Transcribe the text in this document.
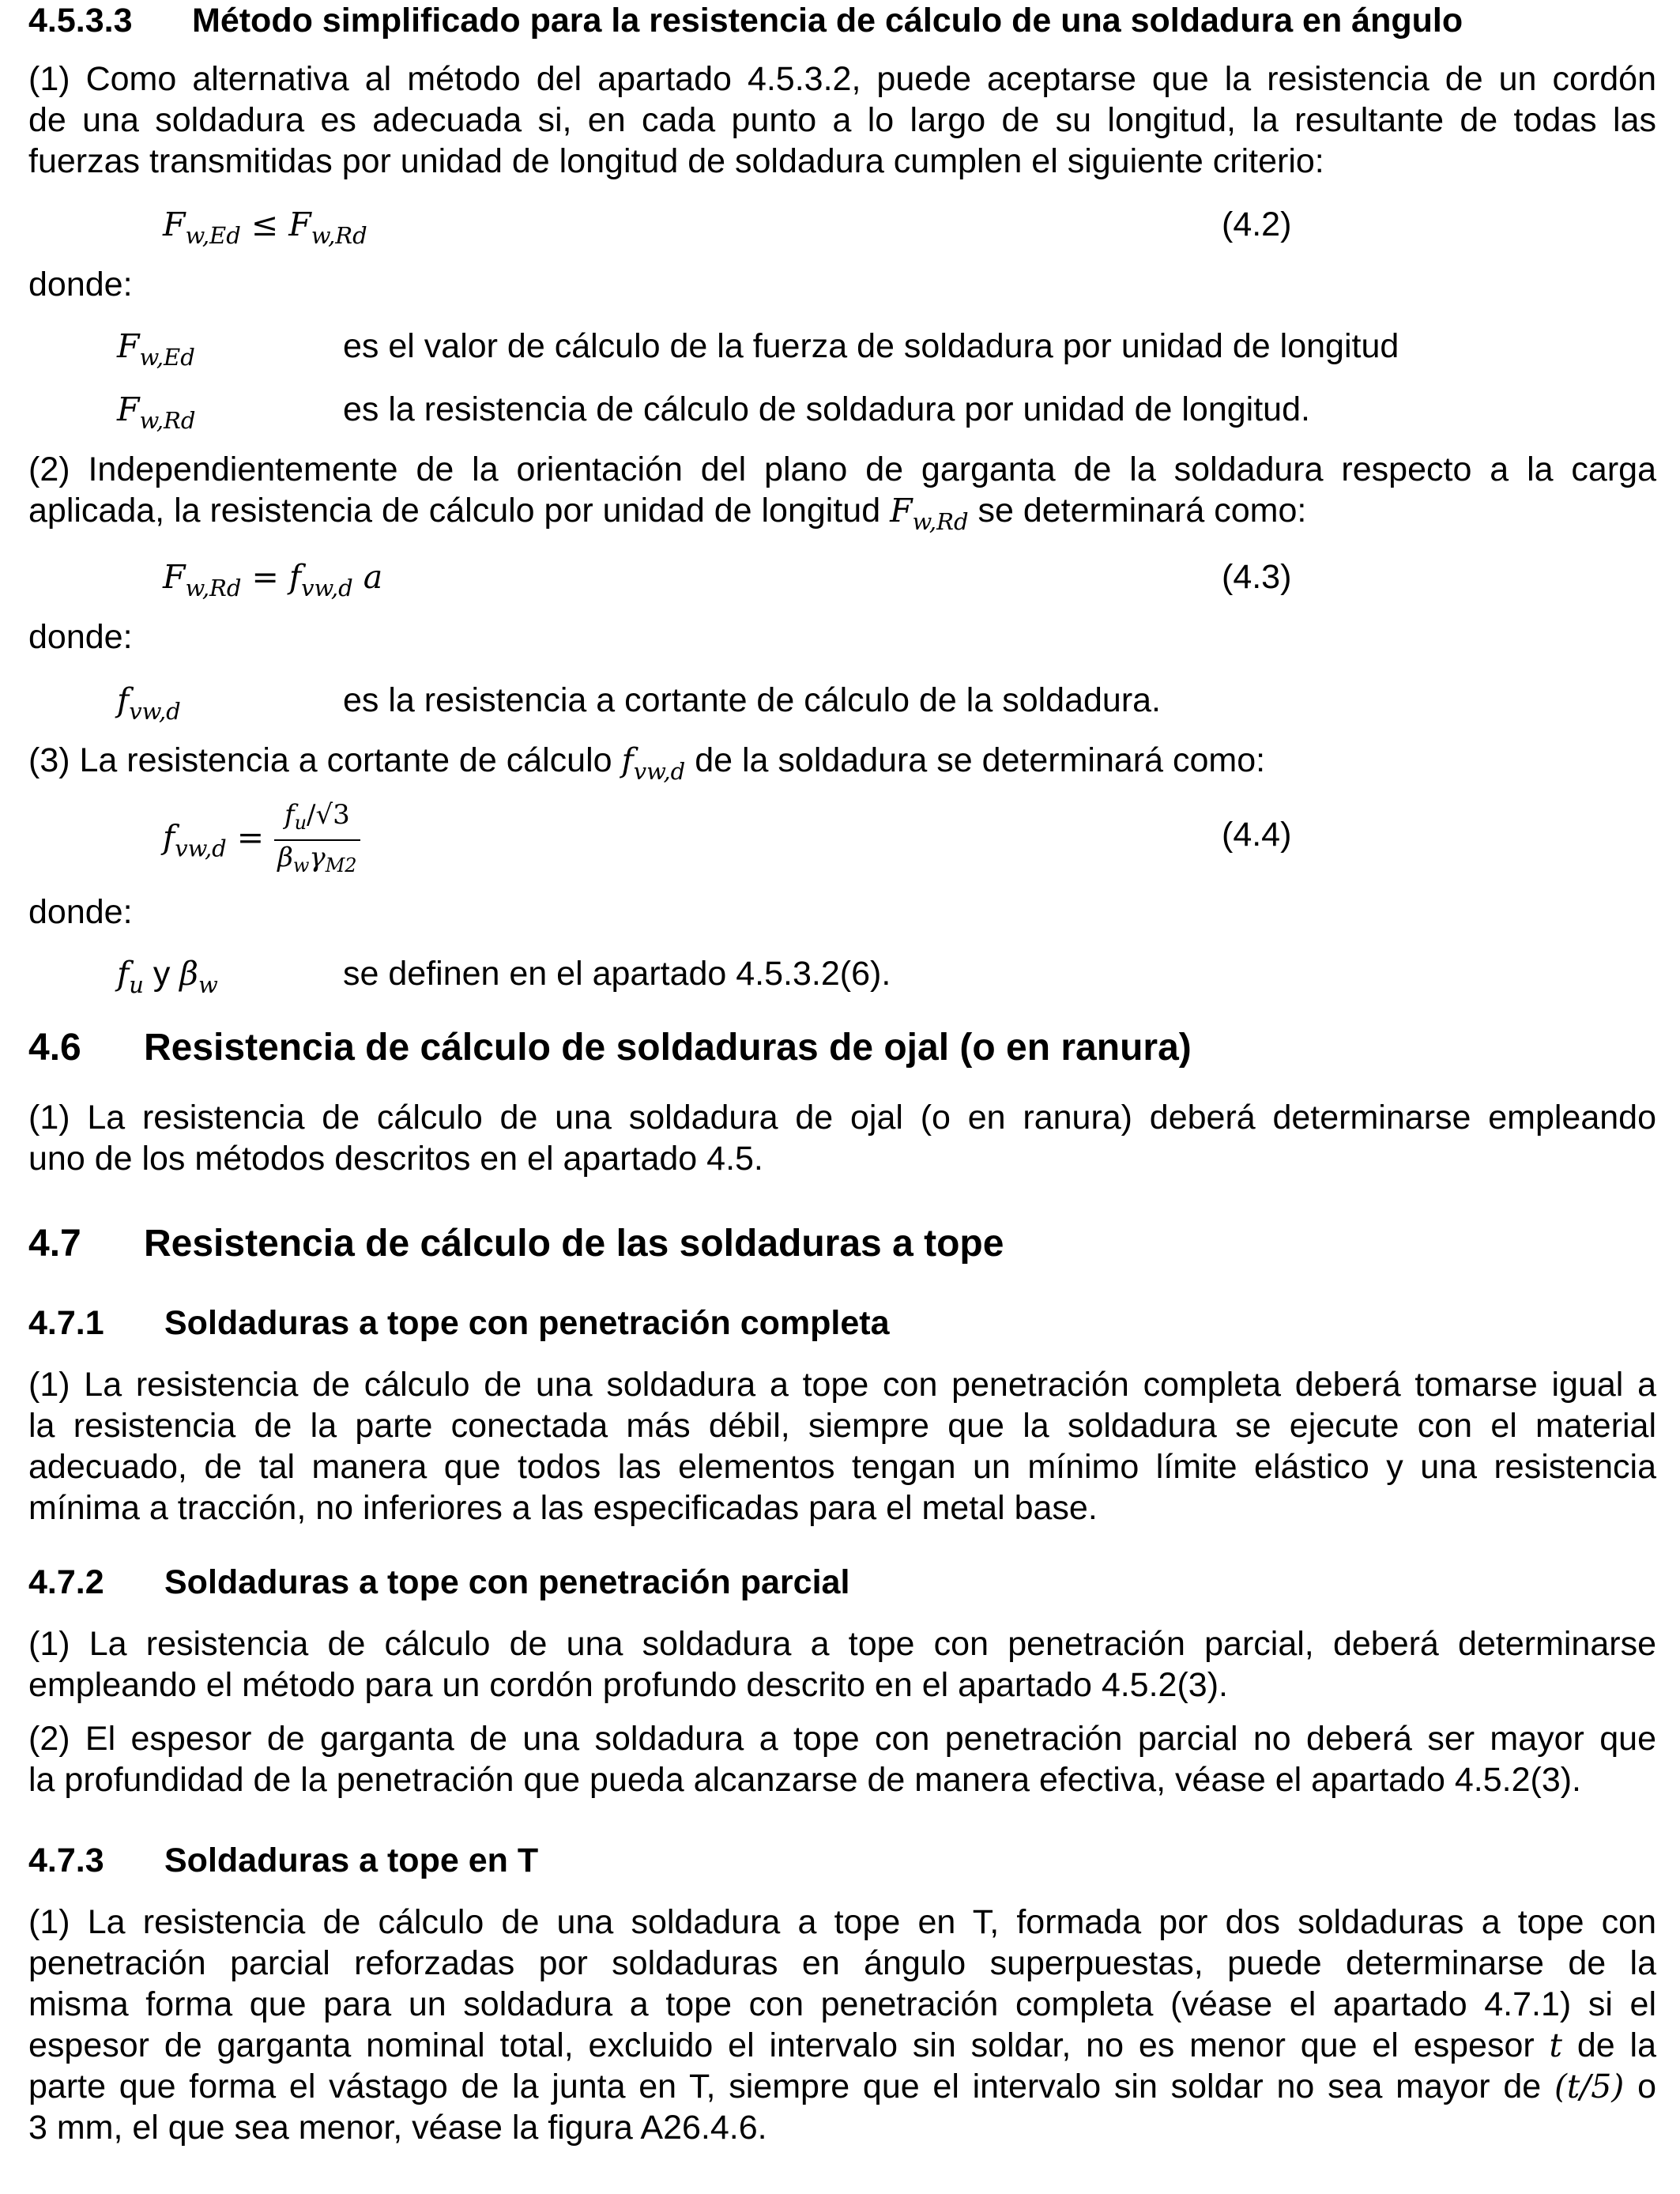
4.5.3.3 Método simplificado para la resistencia de cálculo de una soldadura en ángulo
(1) Como alternativa al método del apartado 4.5.3.2, puede aceptarse que la resistencia de un cordón
de una soldadura es adecuada si, en cada punto a lo largo de su longitud, la resultante de todas las
fuerzas transmitidas por unidad de longitud de soldadura cumplen el siguiente criterio:
$F_{w,Ed} \le F_{w,Rd}$	(4.2)
donde:
$F_{w,Ed}$	es el valor de cálculo de la fuerza de soldadura por unidad de longitud
$F_{w,Rd}$	es la resistencia de cálculo de soldadura por unidad de longitud.
(2) Independientemente de la orientación del plano de garganta de la soldadura respecto a la carga
aplicada, la resistencia de cálculo por unidad de longitud $F_{w,Rd}$ se determinará como:
$F_{w,Rd} = f_{vw,d}$ a	(4.3)
donde:
$f_{vw,d}$	es la resistencia a cortante de cálculo de la soldadura.
(3) La resistencia a cortante de cálculo $f_{vw,d}$ de la soldadura se determinará como:
$f_{vw,d} = \frac{f_u/√3}{\beta_w\gamma_{M2}}$	(4.4)
donde:
$f_u$ y $\beta_w$	se definen en el apartado 4.5.3.2(6).
4.6 Resistencia de cálculo de soldaduras de ojal (o en ranura)
(1) La resistencia de cálculo de una soldadura de ojal (o en ranura) deberá determinarse empleando
uno de los métodos descritos en el apartado 4.5.
4.7 Resistencia de cálculo de las soldaduras a tope
4.7.1 Soldaduras a tope con penetración completa
(1) La resistencia de cálculo de una soldadura a tope con penetración completa deberá tomarse igual a
la resistencia de la parte conectada más débil, siempre que la soldadura se ejecute con el material
adecuado, de tal manera que todos las elementos tengan un mínimo límite elástico y una resistencia
mínima a tracción, no inferiores a las especificadas para el metal base.
4.7.2 Soldaduras a tope con penetración parcial
(1) La resistencia de cálculo de una soldadura a tope con penetración parcial, deberá determinarse
empleando el método para un cordón profundo descrito en el apartado 4.5.2(3).
(2) El espesor de garganta de una soldadura a tope con penetración parcial no deberá ser mayor que
la profundidad de la penetración que pueda alcanzarse de manera efectiva, véase el apartado 4.5.2(3).
4.7.3 Soldaduras a tope en T
(1) La resistencia de cálculo de una soldadura a tope en T, formada por dos soldaduras a tope con
penetración parcial reforzadas por soldaduras en ángulo superpuestas, puede determinarse de la
misma forma que para un soldadura a tope con penetración completa (véase el apartado 4.7.1) si el
espesor de garganta nominal total, excluido el intervalo sin soldar, no es menor que el espesor t de la
parte que forma el vástago de la junta en T, siempre que el intervalo sin soldar no sea mayor de (t/5) o
3 mm, el que sea menor, véase la figura A26.4.6.
